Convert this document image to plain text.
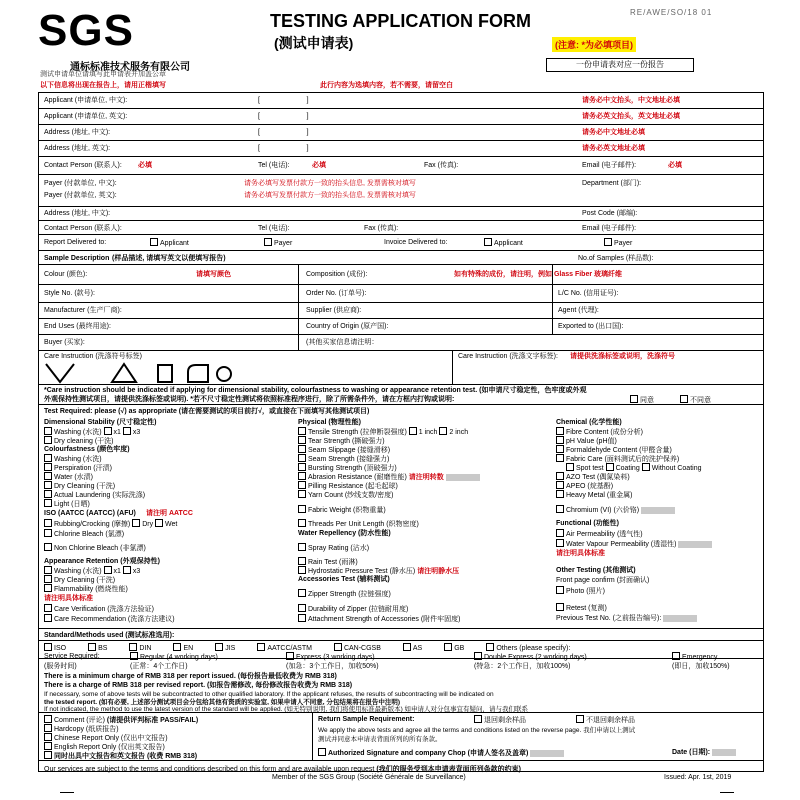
SGS	TESTING APPLICATION FORM
(测试申请表)
RE/AWE/SO/18 01
(注意: *为必填项目)
通标标准技术服务有限公司
测试申请单位请填写此申请表并加盖公章
一份申请表对应一份报告
以下信息将出现在报告上，请用正楷填写	此行内容为选填内容，若不需要，请留空白
Applicant (申请单位, 中文):	[                        ]	请务必中文抬头，中文地址必填
Applicant (申请单位, 英文):	[                        ]	请务必英文抬头，英文地址必填
Address (地址, 中文):	[                        ]	请务必中文地址必填
Address (地址, 英文):	[                        ]	请务必英文地址必填
Contact Person (联系人): 必填	Tel (电话):	必填	Fax (传真):	Email (电子邮件):	必填
Payer (付款单位, 中文):	请务必填写发票付款方一致的抬头信息, 发票需核对填写	Department (部门):
Payer (付款单位, 英文):	请务必填写发票付款方一致的抬头信息, 发票需核对填写
Address (地址, 中文):	Post Code (邮编):
Contact Person (联系人):	Tel (电话):	Fax (传真):	Email (电子邮件):
Report Delivered to:	Applicant	Payer	Invoice Delivered to:	Applicant	Payer
Sample Description (样品描述, 请填写英文以便填写报告)	No.of Samples (样品数):
Colour (颜色):	请填写颜色	Composition (成份):	如有特殊的成份，请注明，例如 Glass Fiber 玻璃纤维
Style No. (款号):	Order No. (订单号):	L/C No. (信用证号):
Manufacturer (生产厂商):	Supplier (供应商):	Agent (代理):
End Uses (最终用途):	Country of Origin (原产国):	Exported to (出口国):
Buyer (买家):	(其他买家信息请注明：
Care Instruction (洗涤符号标签)	Care Instruction (洗涤文字标签): 请提供洗涤标签或说明，洗涤符号
*Care instruction should be indicated if applying for dimensional stability, colourfastness to washing or appearance retention test. (如申请尺寸稳定性，色牢度或外观
外观保持性测试项目，请提供洗涤标签或说明). *若不尺寸稳定性测试将依照标准程序进行，除了所需条件外，请在方框内打钩或说明:	同意	不同意
Test Required: please (√) as appropriate (请在需要测试的项目前打√，或直接在下面填写其他测试项目)
Dimensional Stability (尺寸稳定性)
Washing (水洗) x1 x3
Dry cleaning (干洗)
Colourfastness (颜色牢度)
Washing (水洗)
Perspiration (汗渍)
Water (水渍)
Dry Cleaning (干洗)
Actual Laundering (实际洗涤)
Light (日晒)
ISO (AATCC (AATCC) (AFU) 请注明 AATCC
Rubbing/Crocking (摩擦) Dry Wet
Chlorine Bleach (氯漂)
Non Chlorine Bleach (非氯漂)
Appearance Retention (外观保持性)
Washing (水洗) x1 x3
Dry Cleaning (干洗)
Flammability (燃烧性能)
请注明具体标准
Care Verification (洗涤方法验证)
Care Recommendation (洗涤方法建议)
Physical (物理性能)
Tensile Strength (拉伸断裂强度) 1 inch 2 inch
Tear Strength (撕破强力)
Seam Slippage (接缝滑移)
Seam Strength (接缝强力)
Bursting Strength (顶破强力)
Abrasion Resistance (耐磨性能) 请注明转数
Pilling Resistance (起毛起球)
Yarn Count (纱线支数/密度)
Fabric Weight (织物重量)
Threads Per Unit Length (织物密度)
Water Repellency (防水性能)
Spray Rating (沾水)
Rain Test (雨淋)
Hydrostatic Pressure Test (静水压) 请注明静水压
Accessories Test (辅料测试)
Zipper Strength (拉链强度)
Durability of Zipper (拉链耐用度)
Attachment Strength of Accessories (附件牢固度)
Chemical (化学性能)
Fibre Content (成份分析)
pH Value (pH值)
Formaldehyde Content (甲醛含量)
Fabric Care (面料测试后的洗护保养)
Spot test Coating Without Coating
AZO Test (偶氮染料)
APEO (烷基酚)
Heavy Metal (重金属)
Chromium (VI) (六价铬)
Functional (功能性)
Air Permeability (透气性)
Water Vapour Permeability (透湿性)
请注明具体标准
Other Testing (其他测试)
Front page confirm (封面确认)
Photo (照片)
Retest (复测)
Previous Test No. (之前报告编号):
Standard/Methods used (测试标准选用):
ISO	BS	DIN	EN	JIS	AATCC/ASTM	CAN-CGSB	AS	GB	Others (please specify):
Service Required:
(服务时间)
Regular (4 working days)
(正常：4个工作日)
Express (3 working days)
(加急：3个工作日，加收50%)
Double Express (2 working days)
(特急：2个工作日，加收100%)
Emergency
(即日，加收150%)
There is a minimum charge of RMB 318 per report issued. (每份报告最低收费为 RMB 318)
There is a charge of RMB 318 per revised report. (如报告需修改, 每份修改报告收费为 RMB 318)
If necessary, some of above tests will be subcontracted to other qualified laboratory. If the applicant refuses, the results of subcontracting will be indicated on
the tested report. (如有必要, 上述部分测试项目会分包给其他有资质的实验室, 如果申请人不同意, 分包结果将在报告中注明)
If not indicated, the method to use the latest version of the standard will be applied. (如无特别说明, 我们将使用标准最新版本) 如申请人对分包事宜有疑问，请与我们联系
Comment (评论) (请提供评判标准 PASS/FAIL)
Hardcopy (纸质报告)
Chinese Report Only (仅出中文报告)
English Report Only (仅出英文报告)
同时出具中文报告和英文报告 (收费 RMB 318)
Return Sample Requirement:	退回剩余样品	不退回剩余样品
We apply the above tests and agree all the terms and conditions listed on the reverse page. 我们申请以上测试
测试并同意本申请表背面所列的所有条款。
Authorized Signature and company Chop (申请人签名及盖章)	Date (日期):
Our services are subject to the terms and conditions described on this form and are available upon request (我们的服务受到本申请表背面所列条款的约束)
Member of the SGS Group (Société Générale de Surveillance)	Issued: Apr. 1st, 2019
